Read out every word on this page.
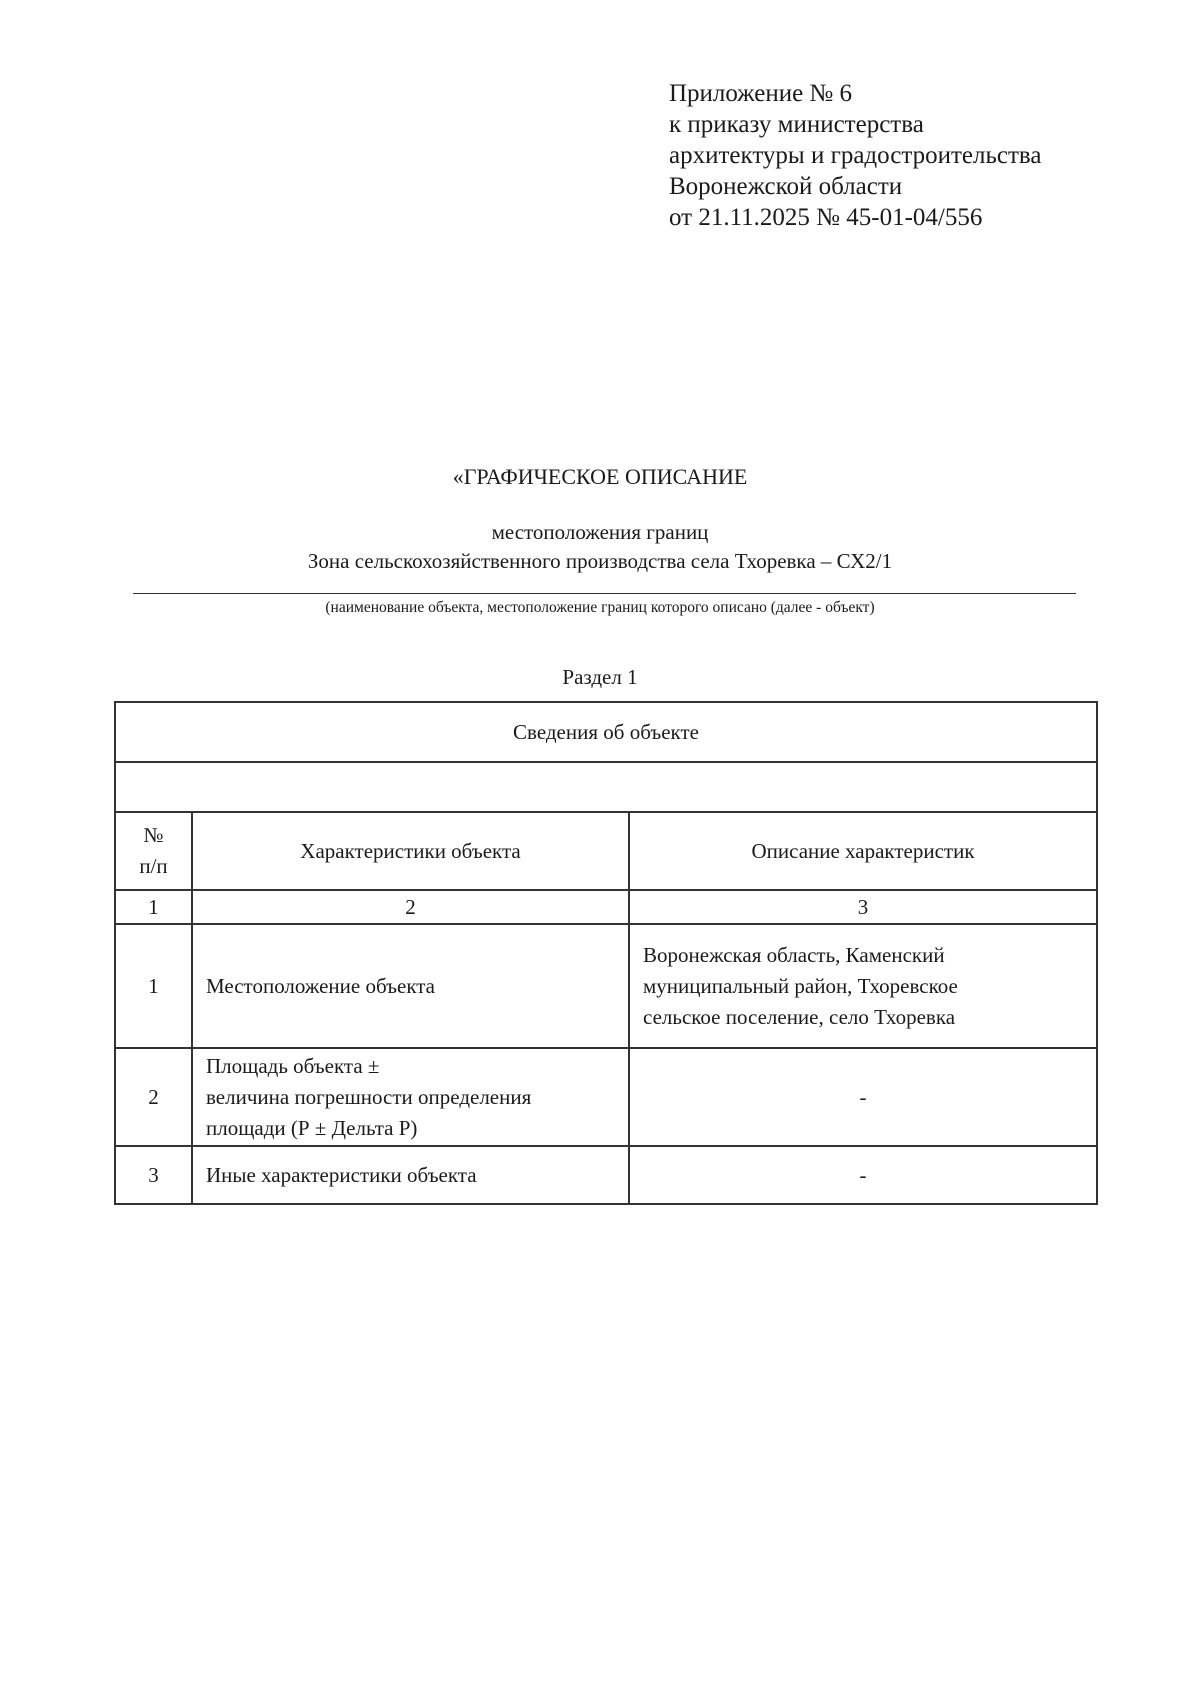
Приложение № 6
к приказу министерства
архитектуры и градостроительства
Воронежской области
от 21.11.2025 № 45-01-04/556
«ГРАФИЧЕСКОЕ ОПИСАНИЕ
местоположения границ
Зона сельскохозяйственного производства села Тхоревка – СХ2/1
(наименование объекта, местоположение границ которого описано (далее - объект)
Раздел 1
Сведения об объекте		

№
п/п	Характеристики объекта	Описание характеристик
1	2	3
1	Местоположение объекта	Воронежская область, Каменский
муниципальный район, Тхоревское
сельское поселение, село Тхоревка

2	Площадь объекта ±
величина погрешности определения
площади (Р ± Дельта Р)	-
3	Иные характеристики объекта	-
